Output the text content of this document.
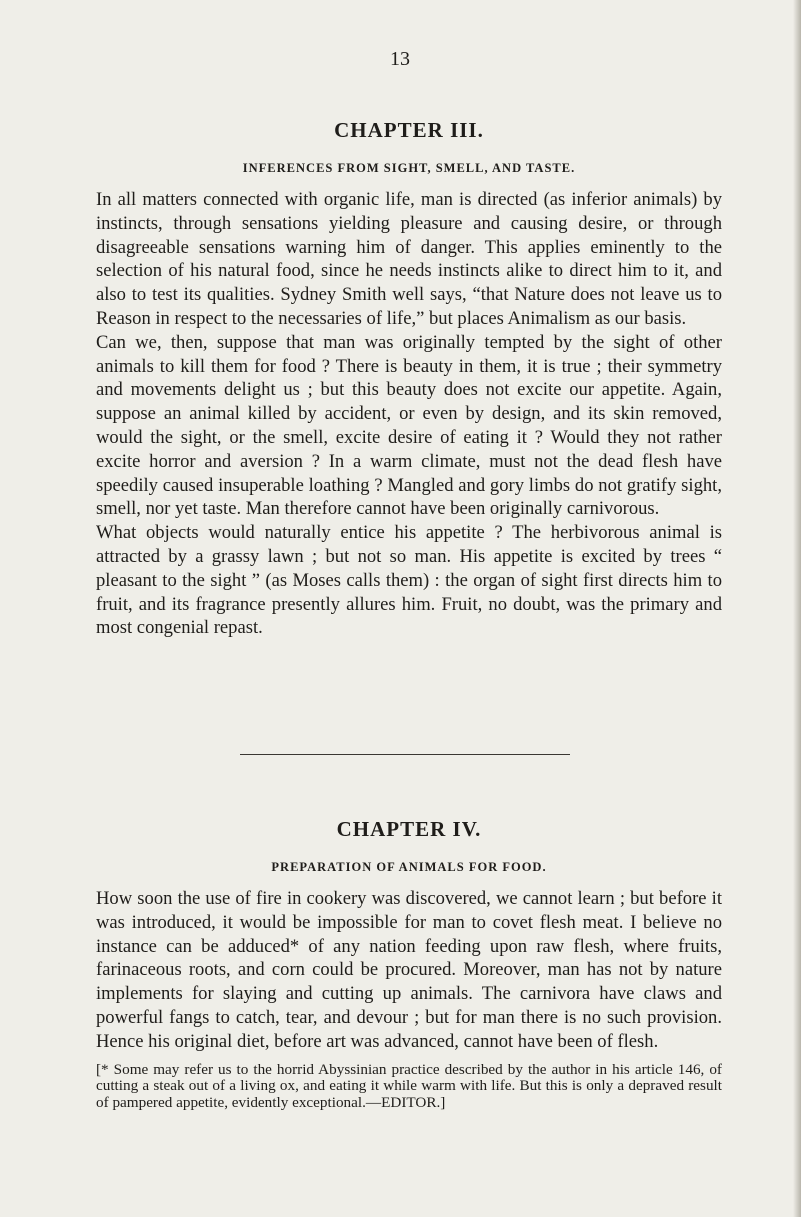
13
CHAPTER III.
INFERENCES FROM SIGHT, SMELL, AND TASTE.

In all matters connected with organic life, man is directed (as inferior animals) by instincts, through sensations yielding pleasure and causing desire, or through disagreeable sensations warning him of danger. This applies eminently to the selection of his natural food, since he needs instincts alike to direct him to it, and also to test its qualities. Sydney Smith well says, “that Nature does not leave us to Reason in respect to the necessaries of life,” but places Animalism as our basis.

Can we, then, suppose that man was originally tempted by the sight of other animals to kill them for food ? There is beauty in them, it is true ; their symmetry and movements delight us ; but this beauty does not excite our appetite. Again, suppose an animal killed by accident, or even by design, and its skin removed, would the sight, or the smell, excite desire of eating it ? Would they not rather excite horror and aversion ? In a warm climate, must not the dead flesh have speedily caused insuperable loathing ? Mangled and gory limbs do not gratify sight, smell, nor yet taste. Man therefore cannot have been originally carnivorous.

What objects would naturally entice his appetite ? The herbivorous animal is attracted by a grassy lawn ; but not so man. His appetite is excited by trees “ pleasant to the sight ” (as Moses calls them) : the organ of sight first directs him to fruit, and its fragrance presently allures him. Fruit, no doubt, was the primary and most congenial repast.

CHAPTER IV.
PREPARATION OF ANIMALS FOR FOOD.

How soon the use of fire in cookery was discovered, we cannot learn ; but before it was introduced, it would be impossible for man to covet flesh meat. I believe no instance can be adduced* of any nation feeding upon raw flesh, where fruits, farinaceous roots, and corn could be procured. Moreover, man has not by nature implements for slaying and cutting up animals. The carnivora have claws and powerful fangs to catch, tear, and devour ; but for man there is no such provision. Hence his original diet, before art was advanced, cannot have been of flesh.

[* Some may refer us to the horrid Abyssinian practice described by the author in his article 146, of cutting a steak out of a living ox, and eating it while warm with life. But this is only a depraved result of pampered appetite, evidently exceptional.—EDITOR.]
